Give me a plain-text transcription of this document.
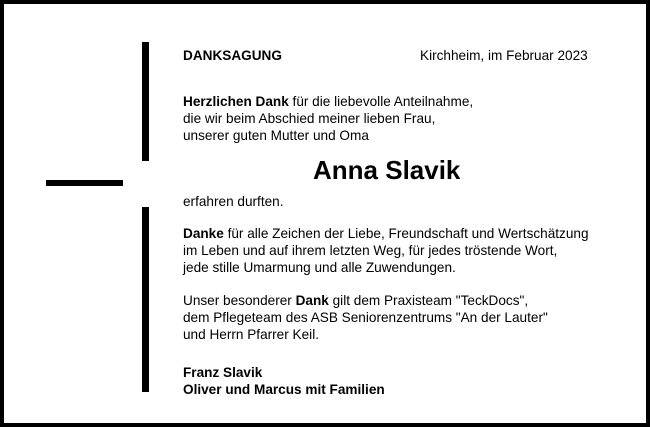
DANKSAGUNG	Kirchheim, im Februar 2023
Herzlichen Dank für die liebevolle Anteilnahme,
die wir beim Abschied meiner lieben Frau,
unserer guten Mutter und Oma
Anna Slavik
erfahren durften.
Danke für alle Zeichen der Liebe, Freundschaft und Wertschätzung
im Leben und auf ihrem letzten Weg, für jedes tröstende Wort,
jede stille Umarmung und alle Zuwendungen.
Unser besonderer Dank gilt dem Praxisteam "TeckDocs",
dem Pflegeteam des ASB Seniorenzentrums "An der Lauter"
und Herrn Pfarrer Keil.
Franz Slavik
Oliver und Marcus mit Familien
